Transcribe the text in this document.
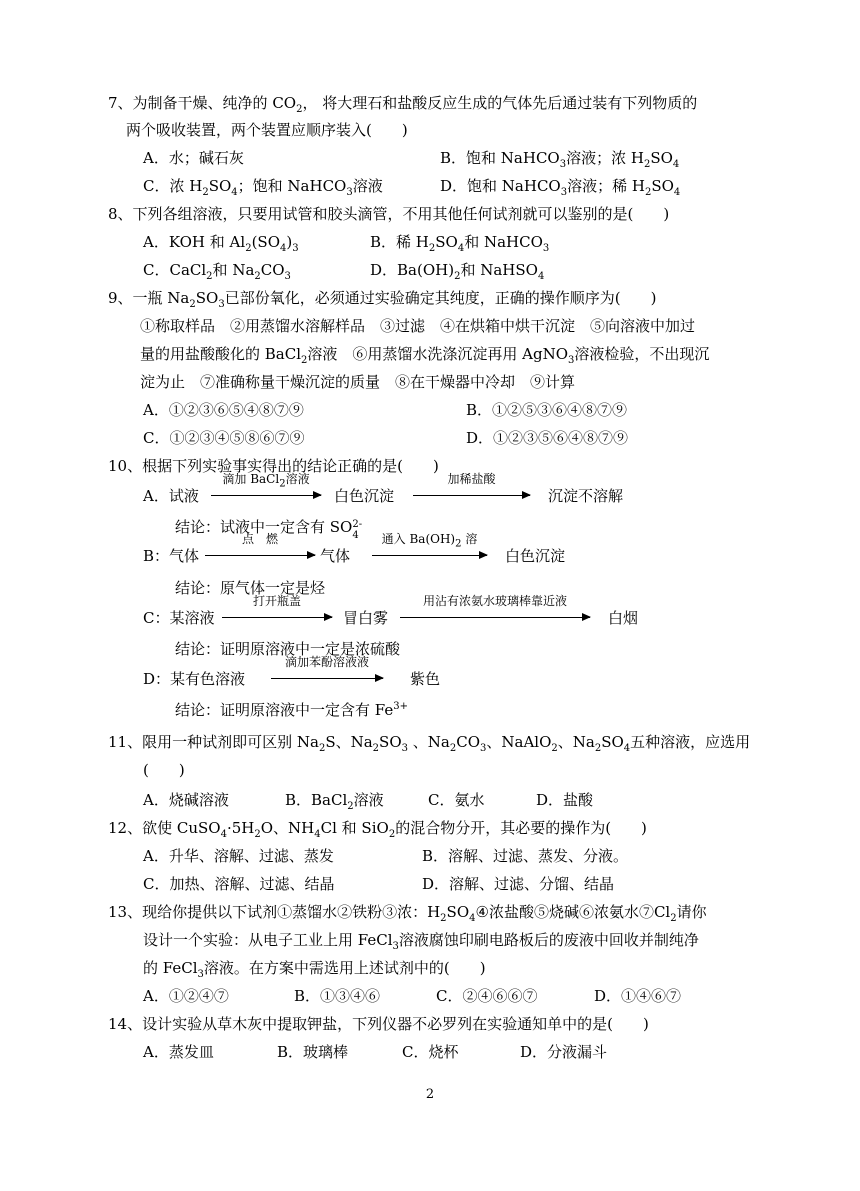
7、为制备干燥、纯净的 $CO_2$， 将大理石和盐酸反应生成的气体先后通过装有下列物质的
两个吸收装置，两个装置应顺序装入(　　)
A．水；碱石灰	B．饱和 NaHCO$_3$溶液；浓 $H_2SO_4$
C．浓 $H_2SO_4$；饱和 NaHCO$_3$溶液	D．饱和 NaHCO$_3$溶液；稀 $H_2SO_4$
8、下列各组溶液，只要用试管和胶头滴管，不用其他任何试剂就可以鉴别的是(　　)
A．KOH 和 $Al_2(SO_4)_3$	B．稀 $H_2SO_4$和 NaHCO$_3$
C．CaCl$_2$和 $Na_2CO_3$	D．$Ba(OH)_2$和 NaHSO$_4$
9、一瓶 $Na_2SO_3$已部份氧化，必须通过实验确定其纯度，正确的操作顺序为(　　)
①称取样品　②用蒸馏水溶解样品　③过滤　④在烘箱中烘干沉淀　⑤向溶液中加过
量的用盐酸酸化的 BaCl$_2$溶液　⑥用蒸馏水洗涤沉淀再用 AgNO$_3$溶液检验，不出现沉
淀为止　⑦准确称量干燥沉淀的质量　⑧在干燥器中冷却　⑨计算
A．①②③⑥⑤④⑧⑦⑨	B．①②⑤③⑥④⑧⑦⑨
C．①②③④⑤⑧⑥⑦⑨	D．①②③⑤⑥④⑧⑦⑨
10、根据下列实验事实得出的结论正确的是(　　)
A．试液
滴加 BaCl$_2$溶液
白色沉淀
加稀盐酸
沉淀不溶解
结论：试液中一定含有 SO 2-
4
B：气体
点　燃
气体
通入 $Ba(OH)_2$ 溶
白色沉淀
结论：原气体一定是烃
C：某溶液
打开瓶盖
冒白雾
用沾有浓氨水玻璃棒靠近液
白烟
结论：证明原溶液中一定是浓硫酸
D：某有色溶液
滴加苯酚溶液液
紫色
结论：证明原溶液中一定含有 $Fe^{3+}$
11、限用一种试剂即可区别 $Na_2S$、$Na_2SO_3$ 、$Na_2CO_3$、NaAlO$_2$、$Na_2SO_4$五种溶液，应选用
(　　)
A．烧碱溶液	B．BaCl$_2$溶液	C．氨水	D．盐酸
12、欲使 $CuSO_4\cdot 5H_2O$、$NH_4Cl$ 和 SiO$_2$的混合物分开，其必要的操作为(　　)
A．升华、溶解、过滤、蒸发	B．溶解、过滤、蒸发、分液。
C．加热、溶解、过滤、结晶	D．溶解、过滤、分馏、结晶
13、现给你提供以下试剂①蒸馏水②铁粉③浓：$H_2SO_4④$浓盐酸⑤烧碱⑥浓氨水$⑦Cl_2$请你
设计一个实验：从电子工业上用 FeCl$_3$溶液腐蚀印刷电路板后的废液中回收并制纯净
的 FeCl$_3$溶液。在方案中需选用上述试剂中的(　　)
A．①②④⑦	B．①③④⑥	C．②④⑥⑥⑦	D．①④⑥⑦
14、设计实验从草木灰中提取钾盐，下列仪器不必罗列在实验通知单中的是(　　)
A．蒸发皿	B．玻璃棒	C．烧杯	D．分液漏斗
2
